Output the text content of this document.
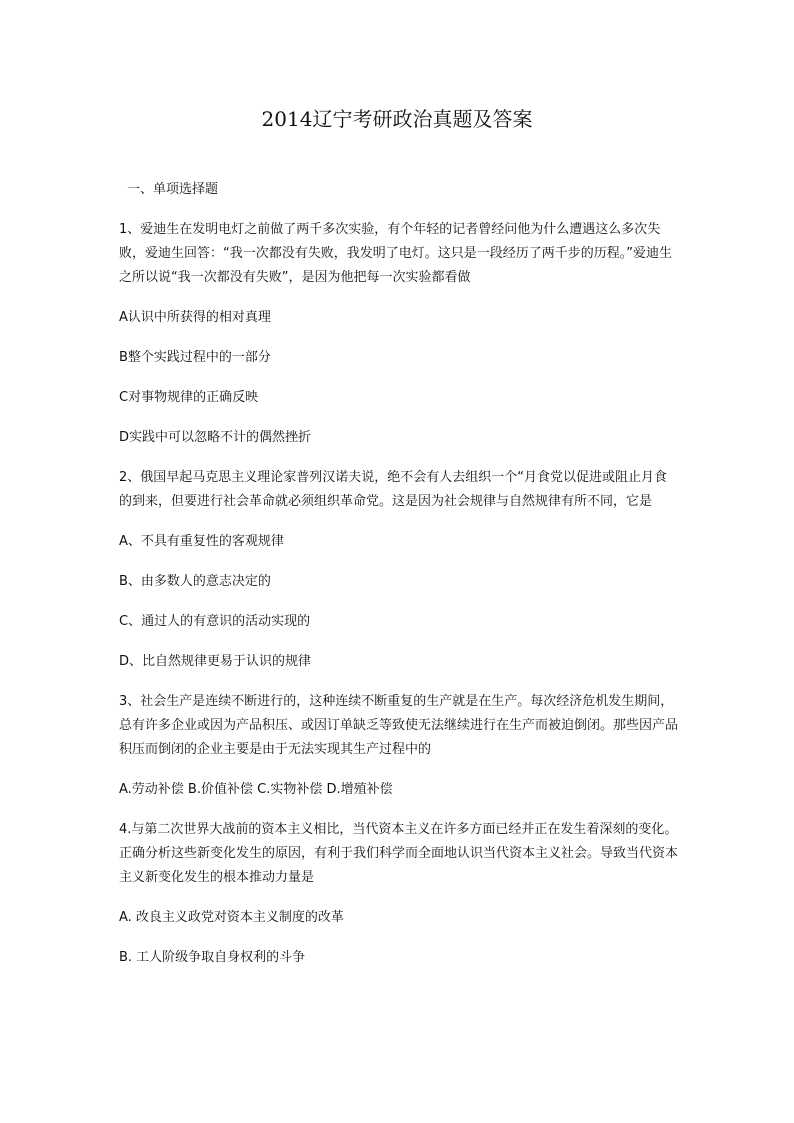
2014辽宁考研政治真题及答案

一、单项选择题

1、爱迪生在发明电灯之前做了两千多次实验，有个年轻的记者曾经问他为什么遭遇这么多次失败，爱迪生回答：“我一次都没有失败，我发明了电灯。这只是一段经历了两千步的历程。”爱迪生之所以说“我一次都没有失败”，是因为他把每一次实验都看做

A认识中所获得的相对真理

B整个实践过程中的一部分

C对事物规律的正确反映

D实践中可以忽略不计的偶然挫折

2、俄国早起马克思主义理论家普列汉诺夫说，绝不会有人去组织一个“月食党以促进或阻止月食的到来，但要进行社会革命就必须组织革命党。这是因为社会规律与自然规律有所不同，它是

A、不具有重复性的客观规律

B、由多数人的意志决定的

C、通过人的有意识的活动实现的

D、比自然规律更易于认识的规律

3、社会生产是连续不断进行的，这种连续不断重复的生产就是在生产。每次经济危机发生期间，总有许多企业或因为产品积压、或因订单缺乏等致使无法继续进行在生产而被迫倒闭。那些因产品积压而倒闭的企业主要是由于无法实现其生产过程中的

A.劳动补偿 B.价值补偿 C.实物补偿 D.增殖补偿

4.与第二次世界大战前的资本主义相比，当代资本主义在许多方面已经并正在发生着深刻的变化。正确分析这些新变化发生的原因，有利于我们科学而全面地认识当代资本主义社会。导致当代资本主义新变化发生的根本推动力量是

A. 改良主义政党对资本主义制度的改革

B. 工人阶级争取自身权利的斗争
